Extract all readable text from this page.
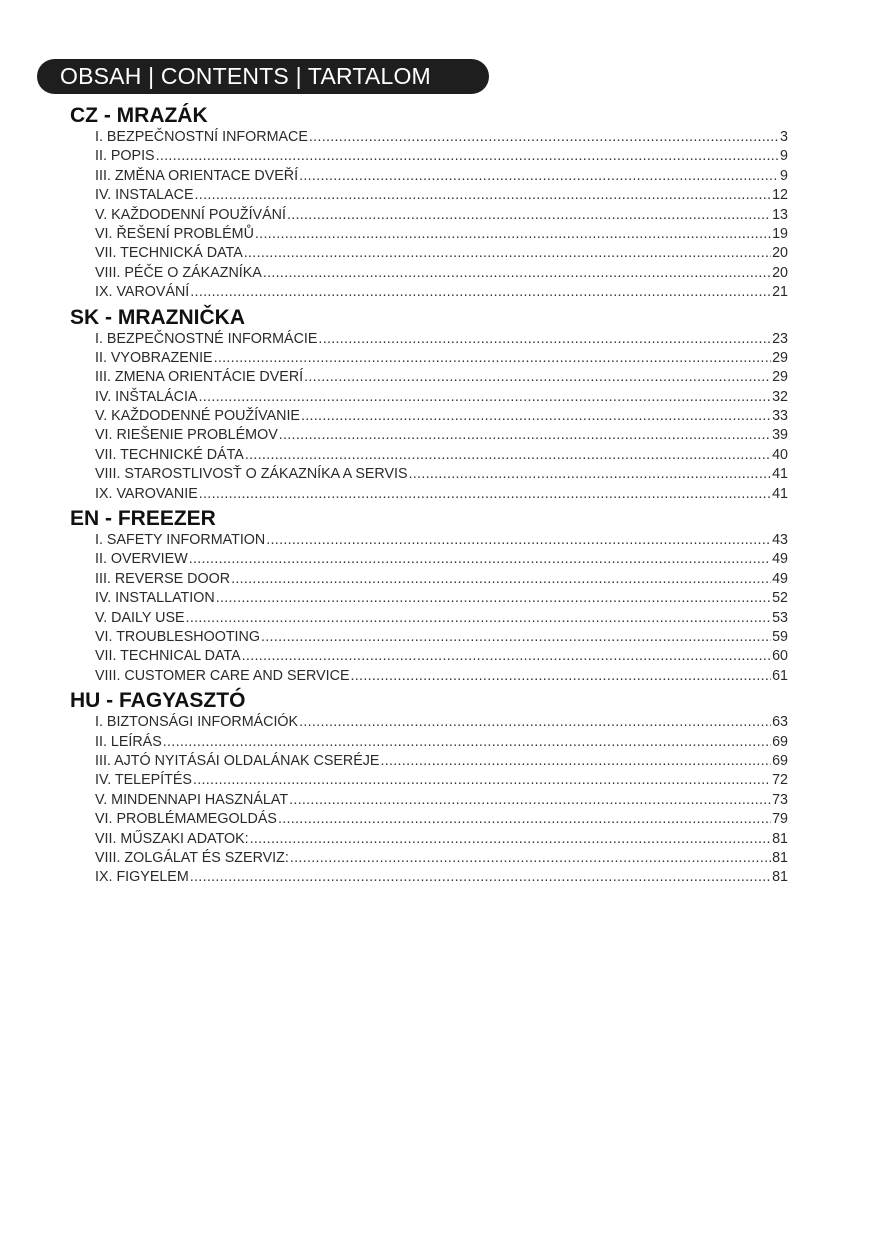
OBSAH | CONTENTS | TARTALOM
CZ - MRAZÁK
I. BEZPEČNOSTNÍ INFORMACE .....	3
II. POPIS .....	9
III. ZMĚNA ORIENTACE DVEŘÍ .....	9
IV. INSTALACE .....	12
V. KAŽDODENNÍ POUŽÍVÁNÍ .....	13
VI. ŘEŠENÍ PROBLÉMŮ .....	19
VII. TECHNICKÁ DATA .....	20
VIII. PÉČE O ZÁKAZNÍKA .....	20
IX. VAROVÁNÍ .....	21
SK - MRAZNIČKA
I. BEZPEČNOSTNÉ INFORMÁCIE .....	23
II. VYOBRAZENIE .....	29
III. ZMENA ORIENTÁCIE DVERÍ .....	29
IV. INŠTALÁCIA .....	32
V. KAŽDODENNÉ POUŽÍVANIE .....	33
VI. RIEŠENIE PROBLÉMOV .....	39
VII. TECHNICKÉ DÁTA .....	40
VIII. STAROSTLIVOSŤ O ZÁKAZNÍKA A SERVIS .....	41
IX. VAROVANIE .....	41
EN - FREEZER
I. SAFETY INFORMATION .....	43
II. OVERVIEW .....	49
III. REVERSE DOOR .....	49
IV. INSTALLATION .....	52
V. DAILY USE .....	53
VI. TROUBLESHOOTING .....	59
VII. TECHNICAL DATA .....	60
VIII. CUSTOMER CARE AND SERVICE .....	61
HU - FAGYASZTÓ
I. BIZTONSÁGI INFORMÁCIÓK .....	63
II. LEÍRÁS .....	69
III. AJTÓ NYITÁSÁI OLDALÁNAK CSERÉJE .....	69
IV. TELEPÍTÉS .....	72
V. MINDENNAPI HASZNÁLAT .....	73
VI. PROBLÉMAMEGOLDÁS .....	79
VII. MŰSZAKI ADATOK: .....	81
VIII. ZOLGÁLAT ÉS SZERVIZ: .....	81
IX. FIGYELEM .....	81
